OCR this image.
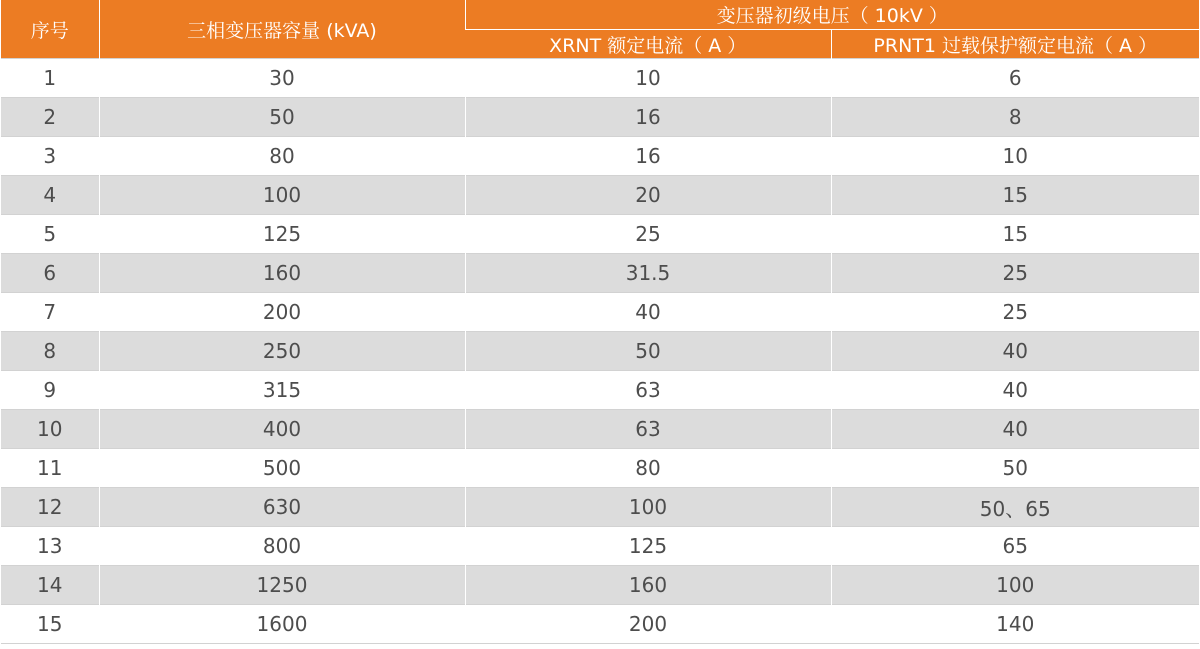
序号	三相变压器容量 (kVA)	变压器初级电压（ 10kV ）	
		XRNT 额定电流（ A ）	PRNT1 过载保护额定电流（ A ）
1	30	10	6
2	50	16	8
3	80	16	10
4	100	20	15
5	125	25	15
6	160	31.5	25
7	200	40	25
8	250	50	40
9	315	63	40
10	400	63	40
11	500	80	50
12	630	100	50、65
13	800	125	65
14	1250	160	100
15	1600	200	140
